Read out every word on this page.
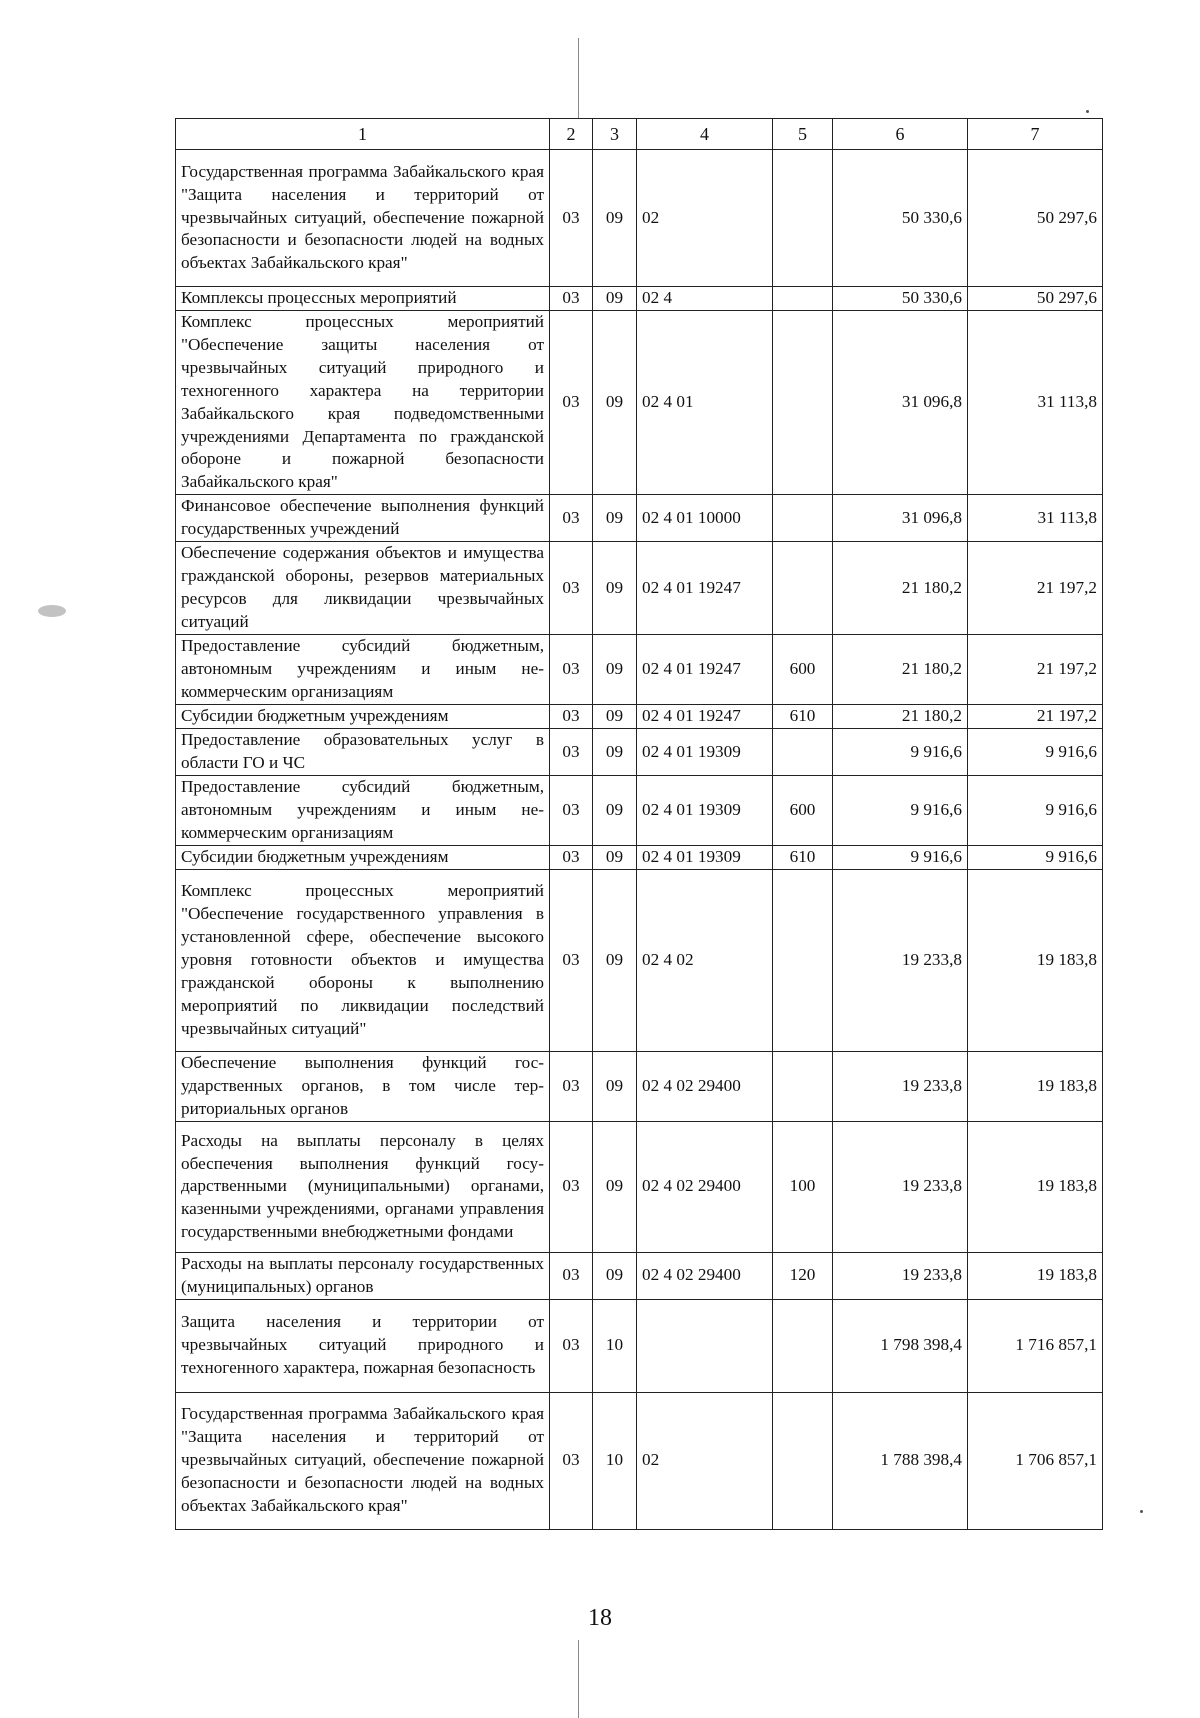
1	2	3	4	5	6	7
Государственная программа Забайкальского края "Защита населения и территорий от чрезвычайных ситуаций, обеспечение пожарной безопасности и безопасности людей на водных объектах Забайкальского края"	03	09	02		50 330,6	50 297,6
Комплексы процессных мероприятий	03	09	02 4		50 330,6	50 297,6
Комплекс процессных мероприятий "Обеспечение защиты населения от чрезвычайных ситуаций природного и техногенного характера на территории Забайкальского края подведомственными учреждениями Департамента по гражданской обороне и пожарной безопасности Забайкальского края"	03	09	02 4 01		31 096,8	31 113,8
Финансовое обеспечение выполнения функций государственных учреждений	03	09	02 4 01 10000		31 096,8	31 113,8
Обеспечение содержания объектов и имущества гражданской обороны, резервов материальных ресурсов для ликвидации чрезвычайных ситуаций	03	09	02 4 01 19247		21 180,2	21 197,2
Предоставление субсидий бюджетным, автономным учреждениям и иным некоммерческим организациям	03	09	02 4 01 19247	600	21 180,2	21 197,2
Субсидии бюджетным учреждениям	03	09	02 4 01 19247	610	21 180,2	21 197,2
Предоставление образовательных услуг в области ГО и ЧС	03	09	02 4 01 19309		9 916,6	9 916,6
Предоставление субсидий бюджетным, автономным учреждениям и иным некоммерческим организациям	03	09	02 4 01 19309	600	9 916,6	9 916,6
Субсидии бюджетным учреждениям	03	09	02 4 01 19309	610	9 916,6	9 916,6
Комплекс процессных мероприятий "Обеспечение государственного управления в установленной сфере, обеспечение высокого уровня готовности объектов и имущества гражданской обороны к выполнению мероприятий по ликвидации последствий чрезвычайных ситуаций"	03	09	02 4 02		19 233,8	19 183,8
Обеспечение выполнения функций государственных органов, в том числе территориальных органов	03	09	02 4 02 29400		19 233,8	19 183,8
Расходы на выплаты персоналу в целях обеспечения выполнения функций государственными (муниципальными) органами, казенными учреждениями, органами управления государственными внебюджетными фондами	03	09	02 4 02 29400	100	19 233,8	19 183,8
Расходы на выплаты персоналу государственных (муниципальных) органов	03	09	02 4 02 29400	120	19 233,8	19 183,8
Защита населения и территории от чрезвычайных ситуаций природного и техногенного характера, пожарная безопасность	03	10			1 798 398,4	1 716 857,1
Государственная программа Забайкальского края "Защита населения и территорий от чрезвычайных ситуаций, обеспечение пожарной безопасности и безопасности людей на водных объектах Забайкальского края"	03	10	02		1 788 398,4	1 706 857,1
18
